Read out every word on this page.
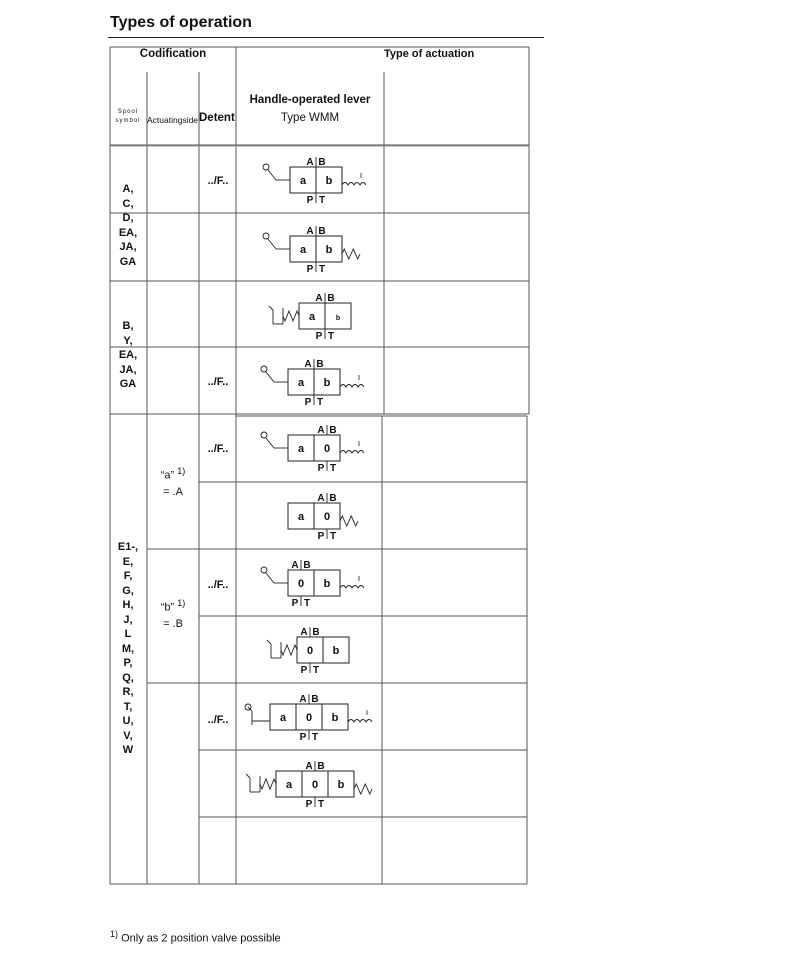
Types of operation
Codification	Type of actuation
Handle-operated lever
Type WMM
Spool symbol Actuatingside Detent
A,
C,
D,
EA,
JA,
GA
B,
Y,
EA,
JA,
GA
E1-,
E,
F,
G,
H,
J,
L
M,
P,
Q,
R,
T,
U,
V,
W
“a” $^{1)}$
= .A
“b” $^{1)}$
= .B
../F..
../F..
../F..
../F..
../F..
a b
A B
P T
a b
A B
P T
a	b
A B
P T
a b
A B
P T
a 0
A B
P T
a 0
A B
P T
0 b
A B
P T
0 b
A B
P T
a 0 b
A B
P T
a 0 b
A B
P T
$^{1)}$ Only as 2 position valve possible
